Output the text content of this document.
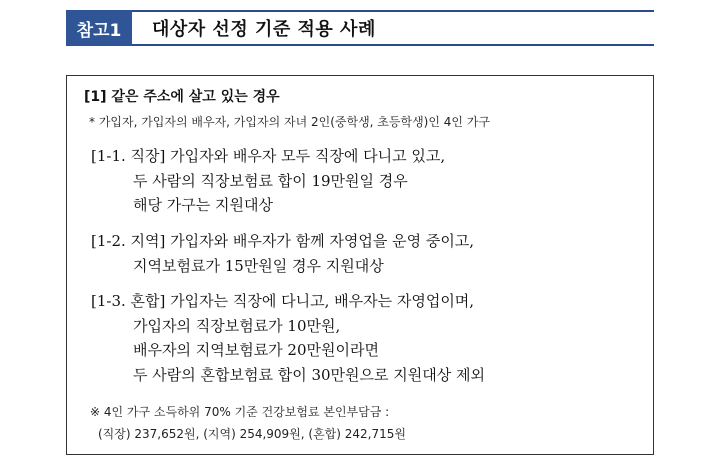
참고1	대상자 선정 기준 적용 사례
[1] 같은 주소에 살고 있는 경우
* 가입자, 가입자의 배우자, 가입자의 자녀 2인(중학생, 초등학생)인 4인 가구
[1-1. 직장] 가입자와 배우자 모두 직장에 다니고 있고,
두 사람의 직장보험료 합이 19만원일 경우
해당 가구는 지원대상
[1-2. 지역] 가입자와 배우자가 함께 자영업을 운영 중이고,
지역보험료가 15만원일 경우 지원대상
[1-3. 혼합] 가입자는 직장에 다니고, 배우자는 자영업이며,
가입자의 직장보험료가 10만원,
배우자의 지역보험료가 20만원이라면
두 사람의 혼합보험료 합이 30만원으로 지원대상 제외
※ 4인 가구 소득하위 70% 기준 건강보험료 본인부담금 :
(직장) 237,652원, (지역) 254,909원, (혼합) 242,715원
